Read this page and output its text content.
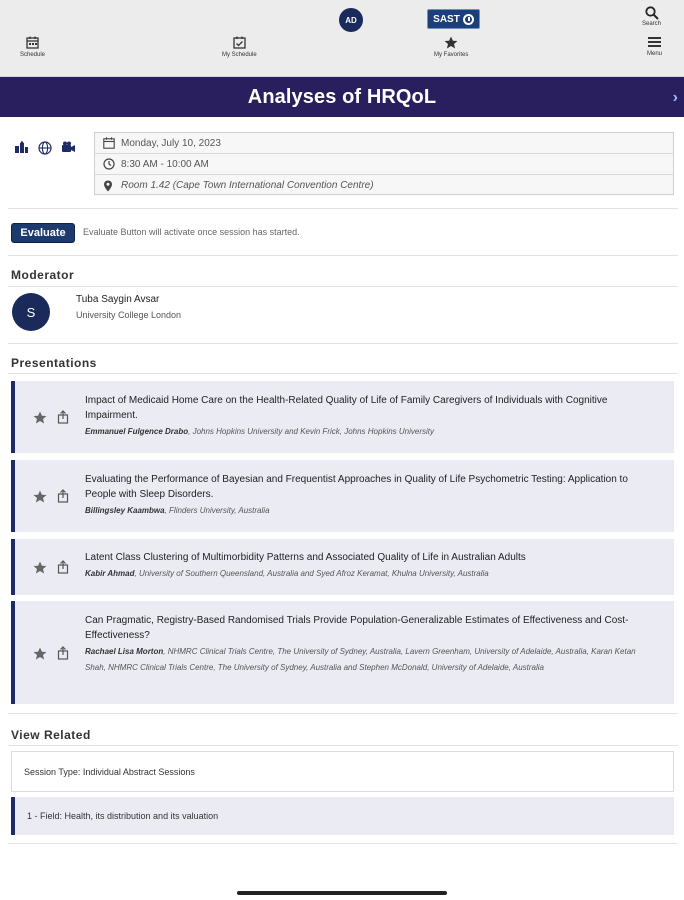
AD	SAST
Schedule	My Schedule	My Favorites	Menu
Search
Analyses of HRQoL	›
Monday, July 10, 2023
8:30 AM - 10:00 AM
Room 1.42 (Cape Town International Convention Centre)
Evaluate	Evaluate Button will activate once session has started.
Moderator
S
Tuba Saygin Avsar
University College London
Presentations
Impact of Medicaid Home Care on the Health-Related Quality of Life of Family Caregivers of Individuals with Cognitive Impairment.
Emmanuel Fulgence Drabo, Johns Hopkins University and Kevin Frick, Johns Hopkins University
Evaluating the Performance of Bayesian and Frequentist Approaches in Quality of Life Psychometric Testing: Application to People with Sleep Disorders.
Billingsley Kaambwa, Flinders University, Australia
Latent Class Clustering of Multimorbidity Patterns and Associated Quality of Life in Australian Adults
Kabir Ahmad, University of Southern Queensland, Australia and Syed Afroz Keramat, Khulna University, Australia
Can Pragmatic, Registry-Based Randomised Trials Provide Population-Generalizable Estimates of Effectiveness and Cost-Effectiveness?
Rachael Lisa Morton, NHMRC Clinical Trials Centre, The University of Sydney, Australia, Lavern Greenham, University of Adelaide, Australia, Karan Ketan Shah, NHMRC Clinical Trials Centre, The University of Sydney, Australia and Stephen McDonald, University of Adelaide, Australia
View Related
Session Type: Individual Abstract Sessions
1 - Field: Health, its distribution and its valuation
